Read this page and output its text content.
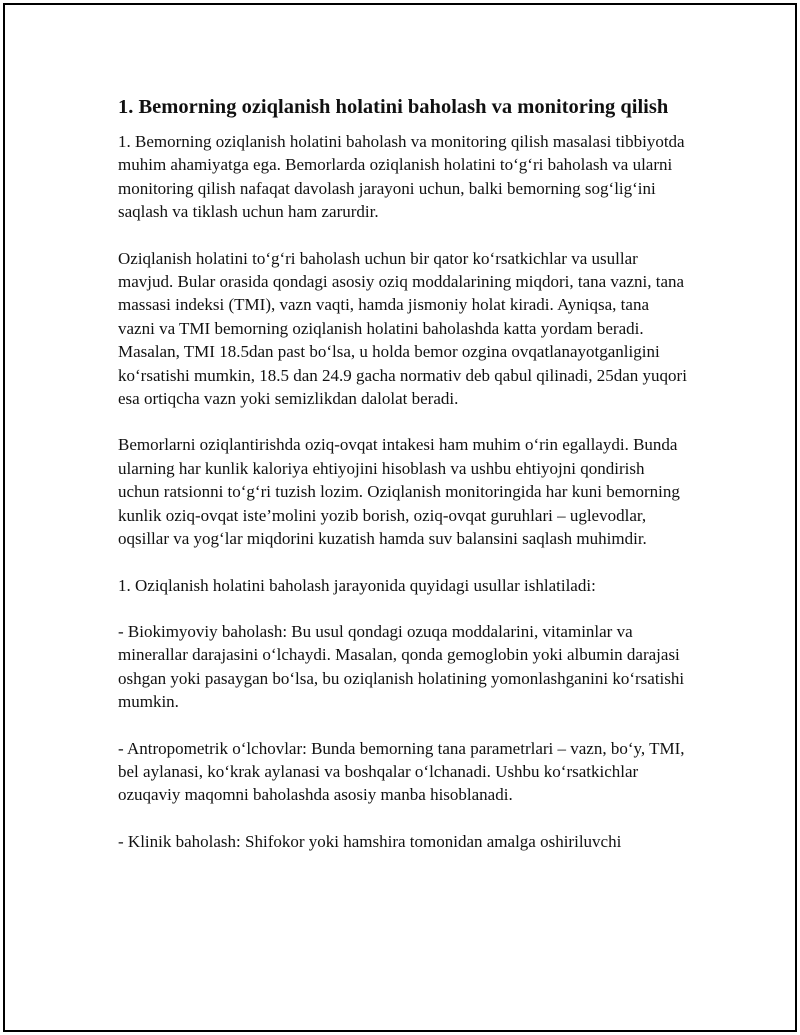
1. Bemorning oziqlanish holatini baholash va monitoring qilish

1. Bemorning oziqlanish holatini baholash va monitoring qilish masalasi tibbiyotda muhim ahamiyatga ega. Bemorlarda oziqlanish holatini to‘g‘ri baholash va ularni monitoring qilish nafaqat davolash jarayoni uchun, balki bemorning sog‘lig‘ini saqlash va tiklash uchun ham zarurdir.

Oziqlanish holatini to‘g‘ri baholash uchun bir qator ko‘rsatkichlar va usullar mavjud. Bular orasida qondagi asosiy oziq moddalarining miqdori, tana vazni, tana massasi indeksi (TMI), vazn vaqti, hamda jismoniy holat kiradi. Ayniqsa, tana vazni va TMI bemorning oziqlanish holatini baholashda katta yordam beradi. Masalan, TMI 18.5dan past bo‘lsa, u holda bemor ozgina ovqatlanayotganligini ko‘rsatishi mumkin, 18.5 dan 24.9 gacha normativ deb qabul qilinadi, 25dan yuqori esa ortiqcha vazn yoki semizlikdan dalolat beradi.

Bemorlarni oziqlantirishda oziq-ovqat intakesi ham muhim o‘rin egallaydi. Bunda ularning har kunlik kaloriya ehtiyojini hisoblash va ushbu ehtiyojni qondirish uchun ratsionni to‘g‘ri tuzish lozim. Oziqlanish monitoringida har kuni bemorning kunlik oziq-ovqat iste’molini yozib borish, oziq-ovqat guruhlari – uglevodlar, oqsillar va yog‘lar miqdorini kuzatish hamda suv balansini saqlash muhimdir.

1. Oziqlanish holatini baholash jarayonida quyidagi usullar ishlatiladi:

- Biokimyoviy baholash: Bu usul qondagi ozuqa moddalarini, vitaminlar va minerallar darajasini o‘lchaydi. Masalan, qonda gemoglobin yoki albumin darajasi oshgan yoki pasaygan bo‘lsa, bu oziqlanish holatining yomonlashganini ko‘rsatishi mumkin.

- Antropometrik o‘lchovlar: Bunda bemorning tana parametrlari – vazn, bo‘y, TMI, bel aylanasi, ko‘krak aylanasi va boshqalar o‘lchanadi. Ushbu ko‘rsatkichlar ozuqaviy maqomni baholashda asosiy manba hisoblanadi.

- Klinik baholash: Shifokor yoki hamshira tomonidan amalga oshiriluvchi
